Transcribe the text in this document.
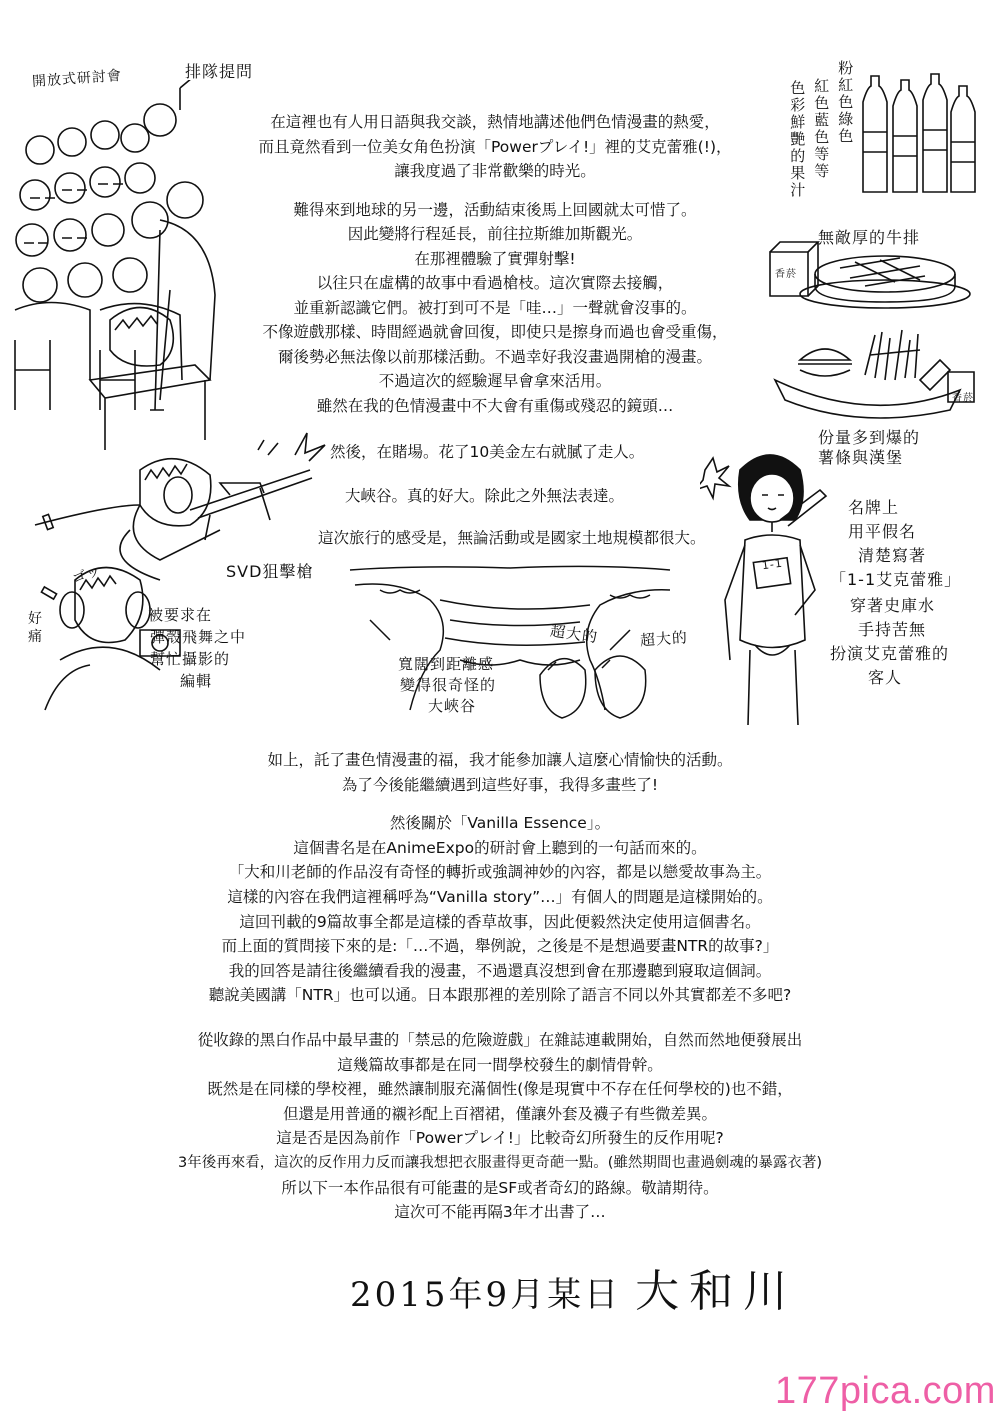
開放式研討會	排隊提問

在這裡也有人用日語與我交談，熱情地講述他們色情漫畫的熱愛，

而且竟然看到一位美女角色扮演「Powerプレイ!」裡的艾克蕾雅(!)，

讓我度過了非常歡樂的時光。

難得來到地球的另一邊，活動結束後馬上回國就太可惜了。

因此變將行程延長，前往拉斯維加斯觀光。

在那裡體驗了實彈射擊!

以往只在虛構的故事中看過槍枝。這次實際去接觸，

並重新認識它們。被打到可不是「哇…」一聲就會沒事的。

不像遊戲那樣、時間經過就會回復，即使只是擦身而過也會受重傷，

爾後勢必無法像以前那樣活動。不過幸好我沒畫過開槍的漫畫。

不過這次的經驗遲早會拿來活用。

雖然在我的色情漫畫中不大會有重傷或殘忍的鏡頭…

粉紅色綠色
紅色藍色等等
色彩鮮艷的果汁
無敵厚的牛排
香菸
香菸
份量多到爆的
薯條與漢堡
然後，在賭場。花了10美金左右就膩了走人。
大峽谷。真的好大。除此之外無法表達。
這次旅行的感受是，無論活動或是國家土地規模都很大。
SVD狙擊槍
ゴッ
好
痛
被要求在
彈殼飛舞之中
幫忙攝影的
編輯
寬闊到距離感
變得很奇怪的
大峽谷
超大的	超大的
1-1
名牌上
用平假名
清楚寫著
「1-1艾克蕾雅」
穿著史庫水
手持苦無
扮演艾克蕾雅的
客人

如上，託了畫色情漫畫的福，我才能參加讓人這麼心情愉快的活動。

為了今後能繼續遇到這些好事，我得多畫些了!

然後關於「Vanilla Essence」。

這個書名是在AnimeExpo的研討會上聽到的一句話而來的。

「大和川老師的作品沒有奇怪的轉折或強調神妙的內容，都是以戀愛故事為主。

這樣的內容在我們這裡稱呼為“Vanilla story”…」有個人的問題是這樣開始的。

這回刊載的9篇故事全都是這樣的香草故事，因此便毅然決定使用這個書名。

而上面的質問接下來的是:「…不過，舉例說，之後是不是想過要畫NTR的故事?」

我的回答是請往後繼續看我的漫畫，不過還真沒想到會在那邊聽到寢取這個詞。

聽說美國講「NTR」也可以通。日本跟那裡的差別除了語言不同以外其實都差不多吧?

從收錄的黑白作品中最早畫的「禁忌的危險遊戲」在雜誌連載開始，自然而然地便發展出

這幾篇故事都是在同一間學校發生的劇情骨幹。

既然是在同樣的學校裡，雖然讓制服充滿個性(像是現實中不存在任何學校的)也不錯，

但還是用普通的襯衫配上百褶裙，僅讓外套及襪子有些微差異。

這是否是因為前作「Powerプレイ!」比較奇幻所發生的反作用呢?

3年後再來看，這次的反作用力反而讓我想把衣服畫得更奇葩一點。(雖然期間也畫過劍魂的暴露衣著)

所以下一本作品很有可能畫的是SF或者奇幻的路線。敬請期待。

這次可不能再隔3年才出書了…

2015年9月某日 大和川
177pica.com
